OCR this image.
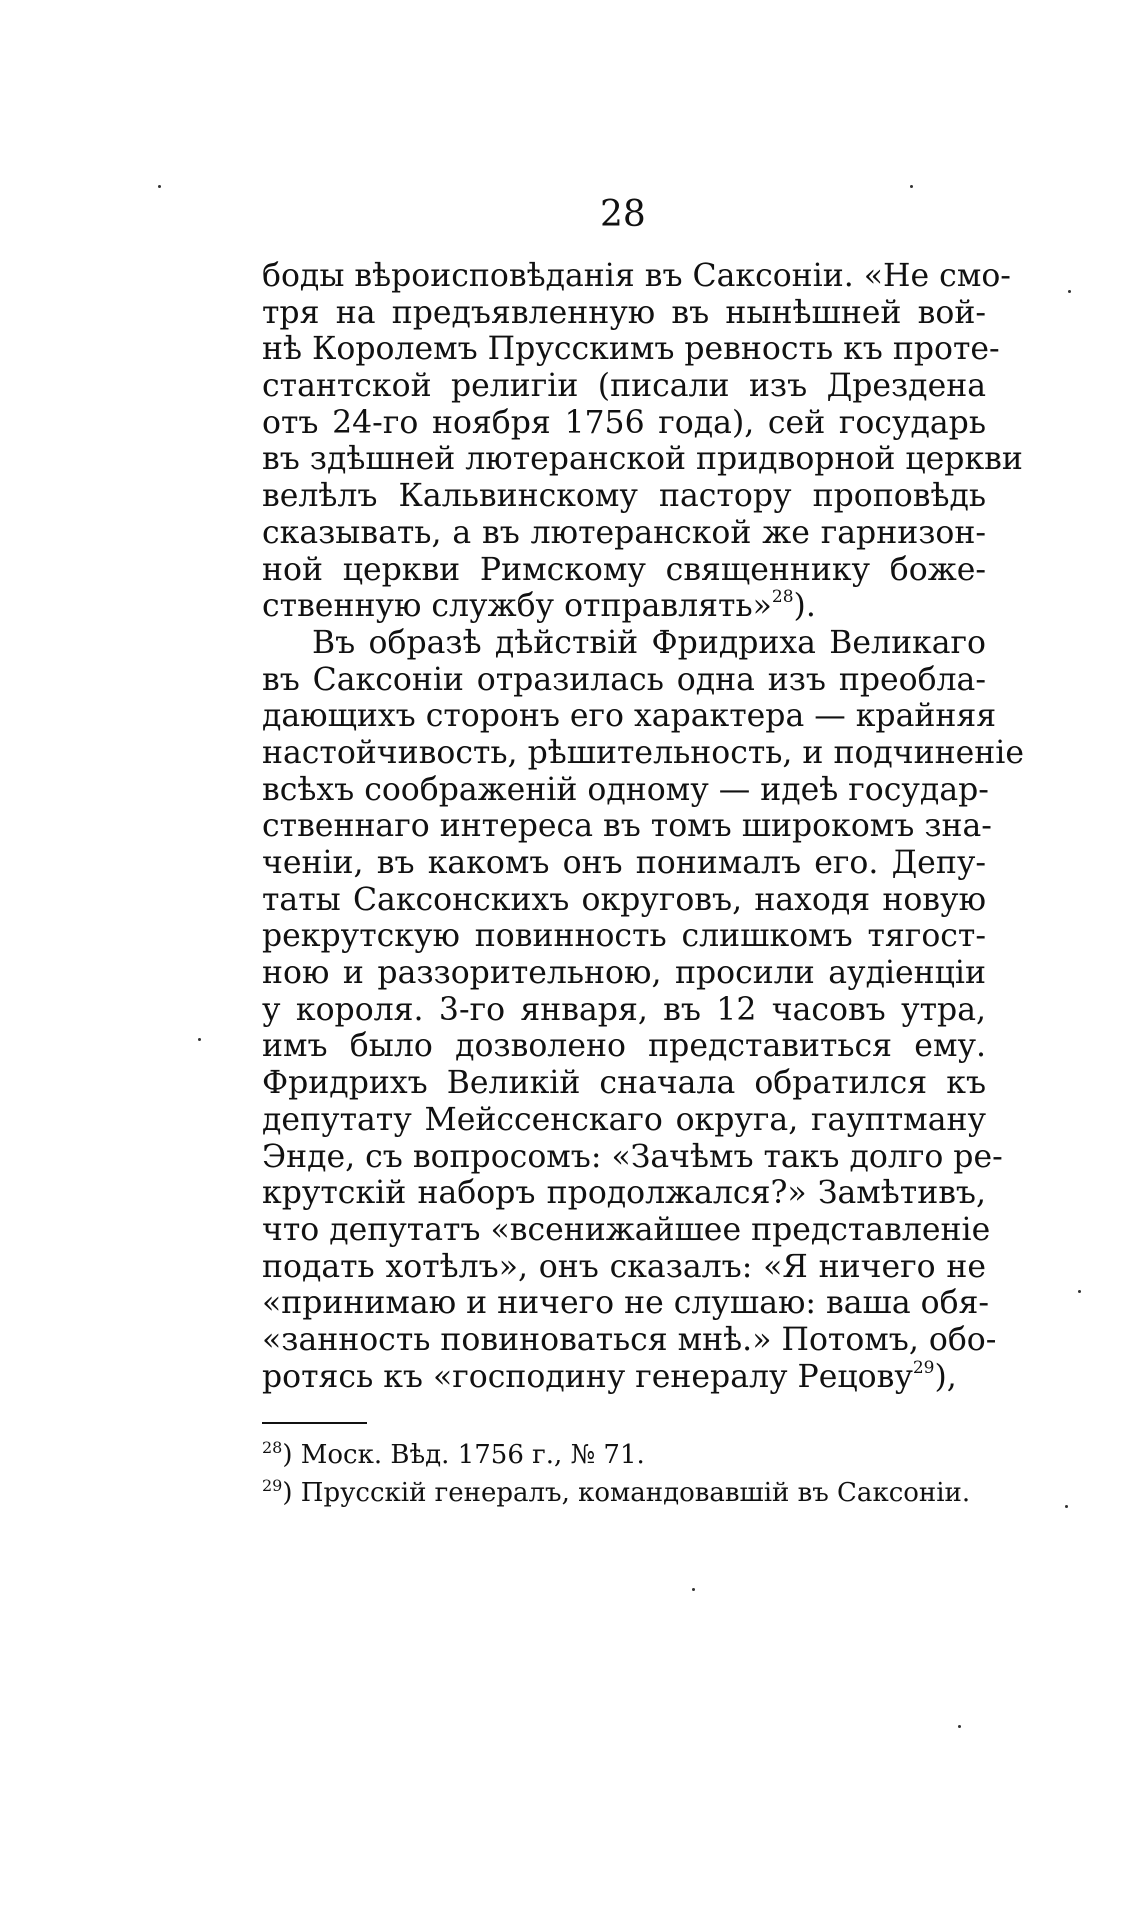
28
боды вѣроисповѣданія въ Саксоніи. «Не смо-
тря на предъявленную въ нынѣшней вой-
нѣ Королемъ Прусскимъ ревность къ проте-
стантской религіи (писали изъ Дрездена
отъ 24-го ноября 1756 года), сей государь
въ здѣшней лютеранской придворной церкви
велѣлъ Кальвинскому пастору проповѣдь
сказывать, а въ лютеранской же гарнизон-
ной церкви Римскому священнику боже-
ственную службу отправлять»$^{28}$).
Въ образѣ дѣйствій Фридриха Великаго
въ Саксоніи отразилась одна изъ преобла-
дающихъ сторонъ его характера — крайняя
настойчивость, рѣшительность, и подчиненіе
всѣхъ соображеній одному — идеѣ государ-
ственнаго интереса въ томъ широкомъ зна-
ченіи, въ какомъ онъ понималъ его. Депу-
таты Саксонскихъ округовъ, находя новую
рекрутскую повинность слишкомъ тягост-
ною и раззорительною, просили аудіенціи
у короля. 3-го января, въ 12 часовъ утра,
имъ было дозволено представиться ему.
Фридрихъ Великій сначала обратился къ
депутату Мейссенскаго округа, гауптману
Энде, съ вопросомъ: «Зачѣмъ такъ долго ре-
крутскій наборъ продолжался?» Замѣтивъ,
что депутатъ «всенижайшее представленіе
подать хотѣлъ», онъ сказалъ: «Я ничего не
«принимаю и ничего не слушаю: ваша обя-
«занность повиноваться мнѣ.» Потомъ, обо-
ротясь къ «господину генералу Рецову$^{29}$),
$^{28}$) Моск. Вѣд. 1756 г., № 71.
$^{29}$) Прусскій генералъ, командовавшій въ Саксоніи.
